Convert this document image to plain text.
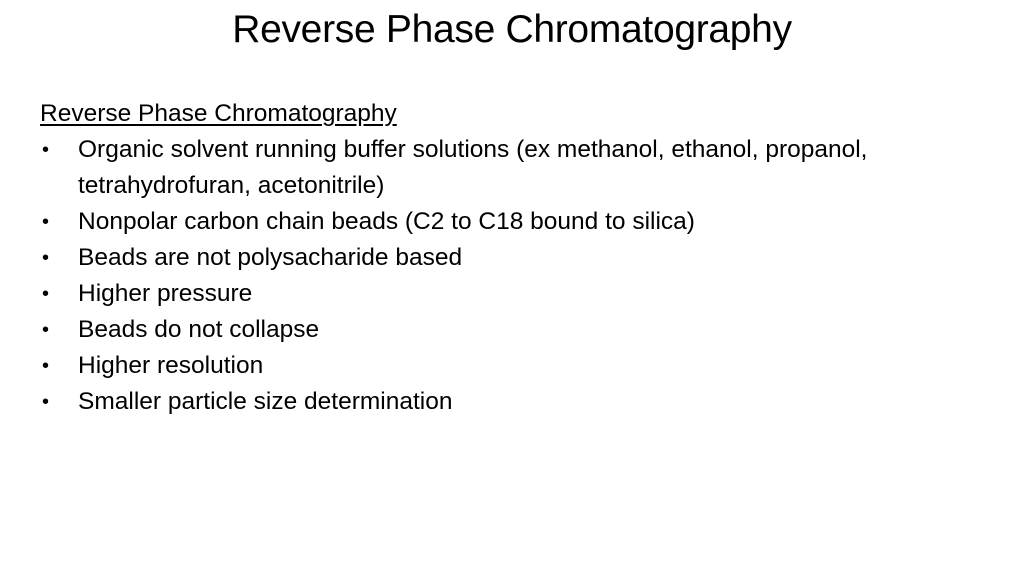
Reverse Phase Chromatography
Reverse Phase Chromatography
• Organic solvent running buffer solutions (ex methanol, ethanol, propanol, tetrahydrofuran, acetonitrile)
• Nonpolar carbon chain beads (C2 to C18 bound to silica)
• Beads are not polysacharide based
• Higher pressure
• Beads do not collapse
• Higher resolution
• Smaller particle size determination
